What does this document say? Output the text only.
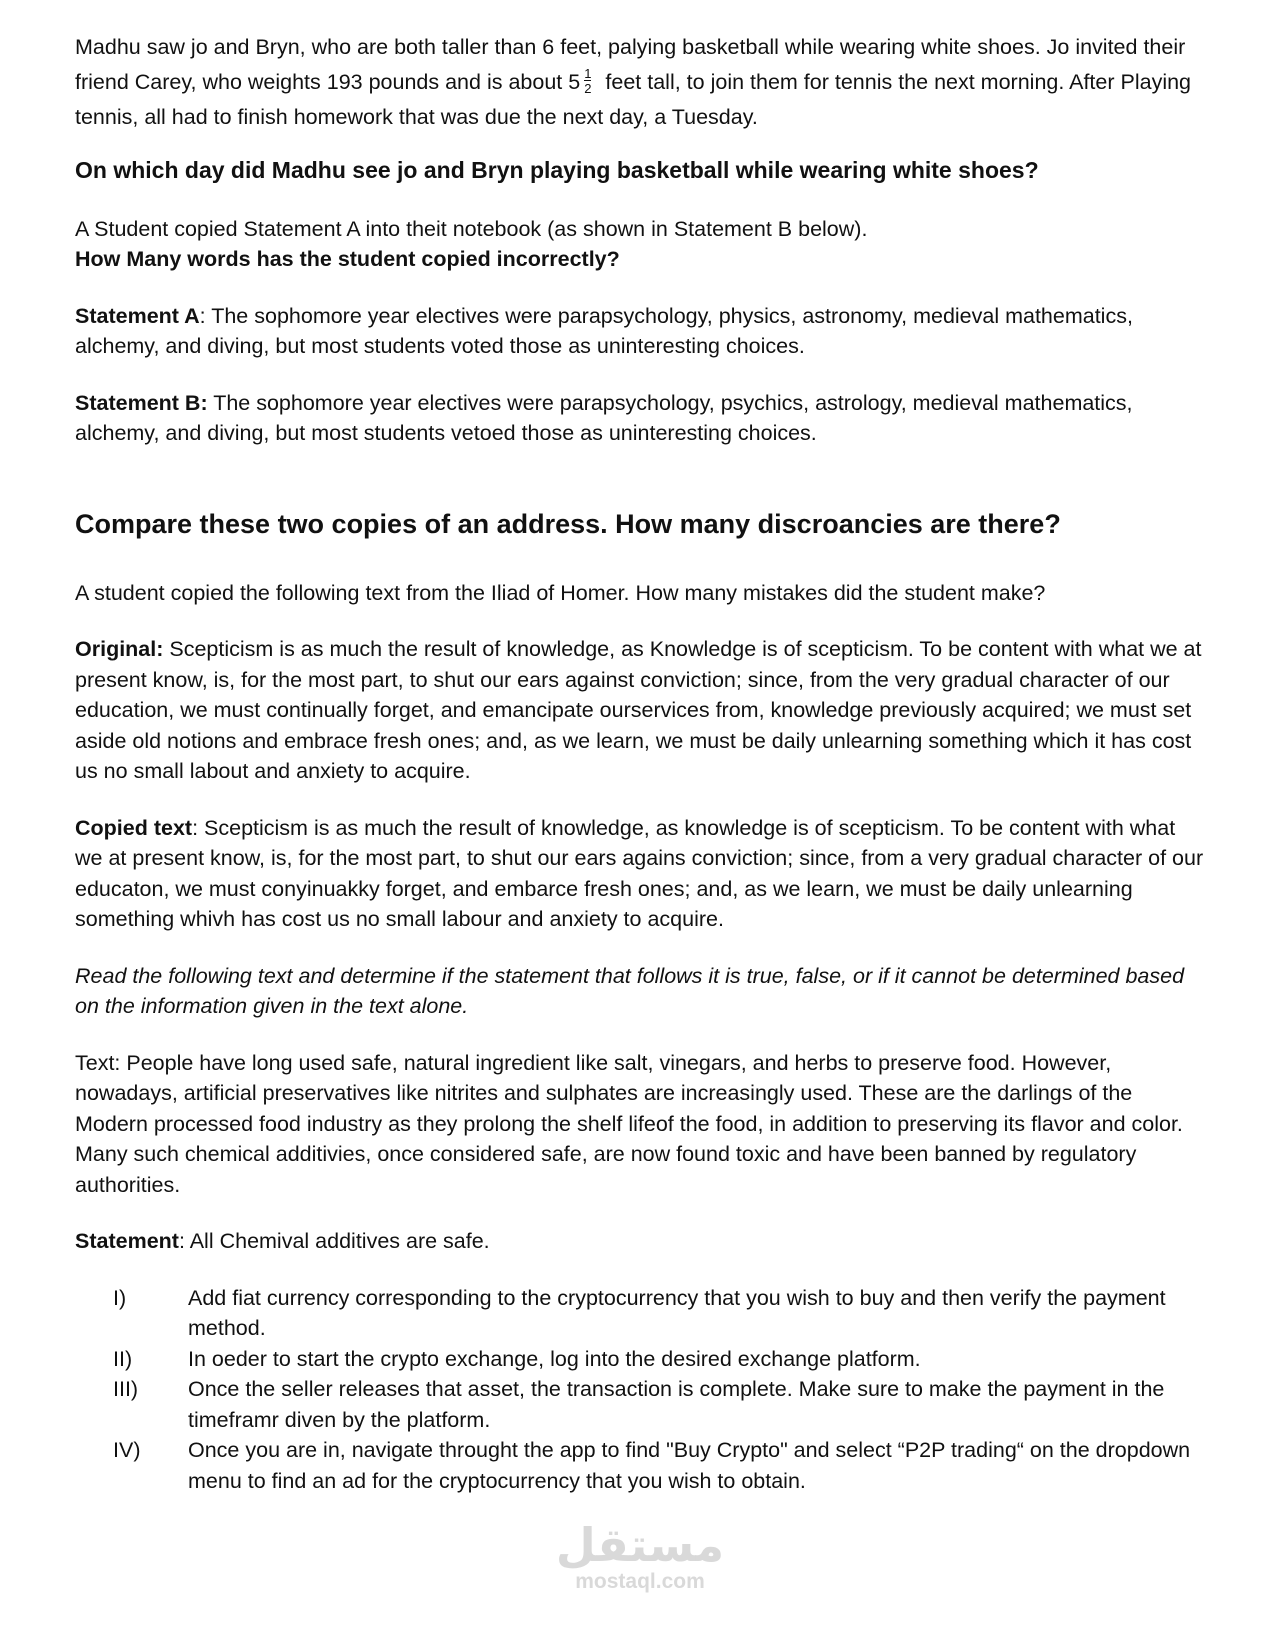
Madhu saw jo and Bryn, who are both taller than 6 feet, palying basketball while wearing white shoes. Jo invited their friend Carey, who weights 193 pounds and is about $5 \frac{1}{2}$ feet tall, to join them for tennis the next morning. After Playing tennis, all had to finish homework that was due the next day, a Tuesday.

On which day did Madhu see jo and Bryn playing basketball while wearing white shoes?

A Student copied Statement A into theit notebook (as shown in Statement B below).

How Many words has the student copied incorrectly?

Statement A: The sophomore year electives were parapsychology, physics, astronomy, medieval mathematics, alchemy, and diving, but most students voted those as uninteresting choices.

Statement B: The sophomore year electives were parapsychology, psychics, astrology, medieval mathematics, alchemy, and diving, but most students vetoed those as uninteresting choices.

Compare these two copies of an address. How many discroancies are there?

A student copied the following text from the Iliad of Homer. How many mistakes did the student make?

Original: Scepticism is as much the result of knowledge, as Knowledge is of scepticism. To be content with what we at present know, is, for the most part, to shut our ears against conviction; since, from the very gradual character of our education, we must continually forget, and emancipate ourservices from, knowledge previously acquired; we must set aside old notions and embrace fresh ones; and, as we learn, we must be daily unlearning something which it has cost us no small labout and anxiety to acquire.

Copied text: Scepticism is as much the result of knowledge, as knowledge is of scepticism. To be content with what we at present know, is, for the most part, to shut our ears agains conviction; since, from a very gradual character of our educaton, we must conyinuakky forget, and embarce fresh ones; and, as we learn, we must be daily unlearning something whivh has cost us no small labour and anxiety to acquire.

Read the following text and determine if the statement that follows it is true, false, or if it cannot be determined based on the information given in the text alone.

Text: People have long used safe, natural ingredient like salt, vinegars, and herbs to preserve food. However, nowadays, artificial preservatives like nitrites and sulphates are increasingly used. These are the darlings of the Modern processed food industry as they prolong the shelf lifeof the food, in addition to preserving its flavor and color. Many such chemical additivies, once considered safe, are now found toxic and have been banned by regulatory authorities.

Statement: All Chemival additives are safe.

I)	Add fiat currency corresponding to the cryptocurrency that you wish to buy and then verify the payment method.
II)	In oeder to start the crypto exchange, log into the desired exchange platform.
III)	Once the seller releases that asset, the transaction is complete. Make sure to make the payment in the timeframr diven by the platform.
IV)	Once you are in, navigate throught the app to find "Buy Crypto" and select “P2P trading“ on the dropdown menu to find an ad for the cryptocurrency that you wish to obtain.
مستقل
mostaql.com
